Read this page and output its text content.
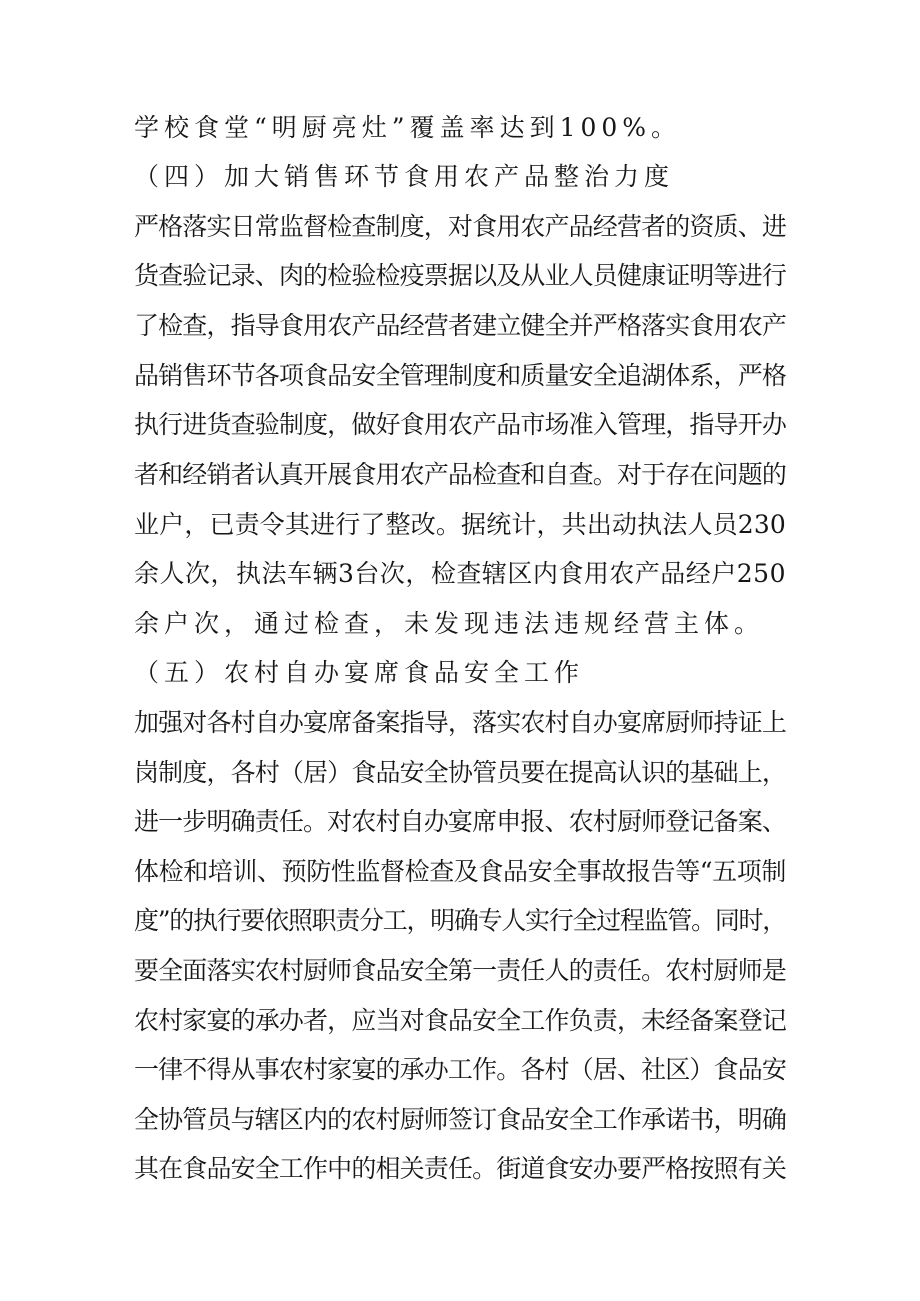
学校食堂“明厨亮灶”覆盖率达到100%。
（四）加大销售环节食用农产品整治力度
严格落实日常监督检查制度，对食用农产品经营者的资质、进
货查验记录、肉的检验检疫票据以及从业人员健康证明等进行
了检查，指导食用农产品经营者建立健全并严格落实食用农产
品销售环节各项食品安全管理制度和质量安全追湖体系，严格
执行进货查验制度，做好食用农产品市场准入管理，指导开办
者和经销者认真开展食用农产品检查和自查。对于存在问题的
业户，已责令其进行了整改。据统计，共出动执法人员230
余人次，执法车辆3台次，检查辖区内食用农产品经户250
余户次，通过检查，未发现违法违规经营主体。
（五）农村自办宴席食品安全工作
加强对各村自办宴席备案指导，落实农村自办宴席厨师持证上
岗制度，各村（居）食品安全协管员要在提高认识的基础上，
进一步明确责任。对农村自办宴席申报、农村厨师登记备案、
体检和培训、预防性监督检查及食品安全事故报告等“五项制
度”的执行要依照职责分工，明确专人实行全过程监管。同时，
要全面落实农村厨师食品安全第一责任人的责任。农村厨师是
农村家宴的承办者，应当对食品安全工作负责，未经备案登记
一律不得从事农村家宴的承办工作。各村（居、社区）食品安
全协管员与辖区内的农村厨师签订食品安全工作承诺书，明确
其在食品安全工作中的相关责任。街道食安办要严格按照有关
